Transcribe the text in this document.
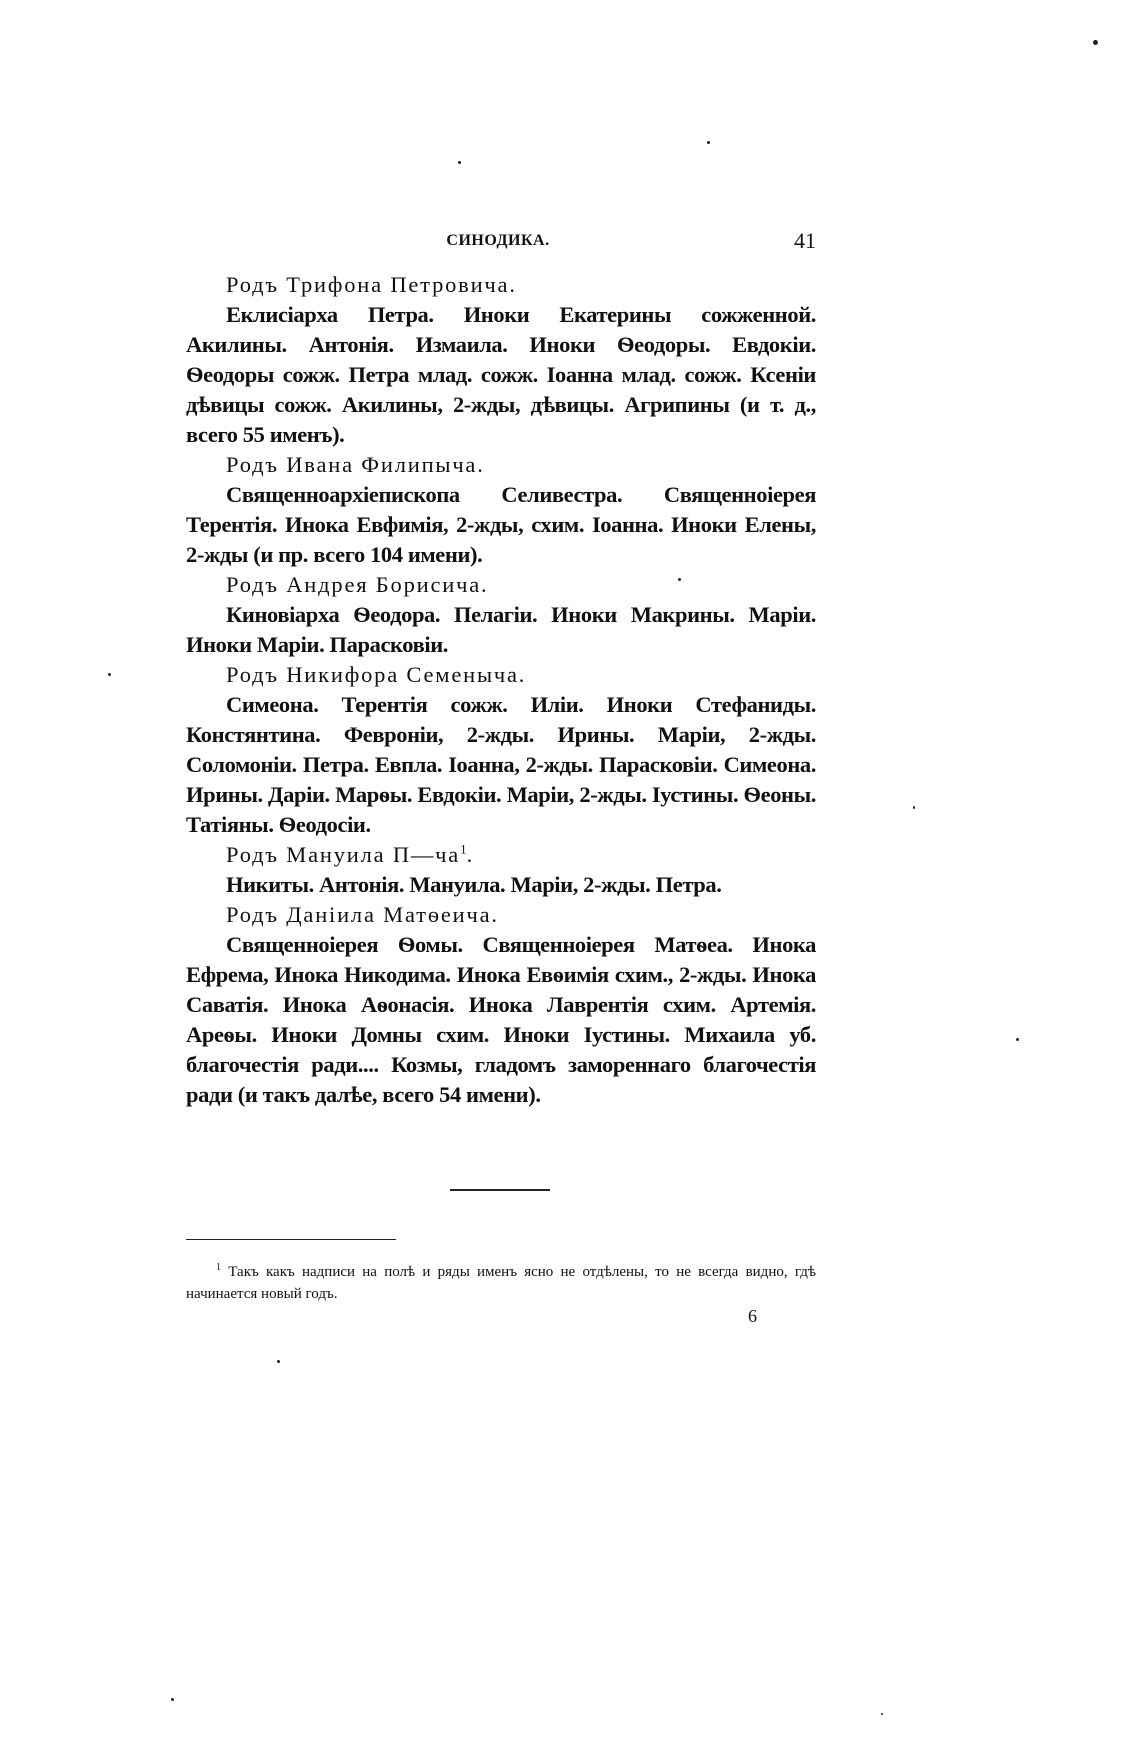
СИНОДИКА.	41

Родъ Трифона Петровича.

Еклисіарха Петра. Иноки Екатерины сожженной. Акилины. Антонія. Измаила. Иноки Ѳеодоры. Евдокіи. Ѳеодоры сожж. Петра млад. сожж. Іоанна млад. сожж. Ксеніи дѣвицы сожж. Акилины, 2-жды, дѣвицы. Агрипины (и т. д., всего 55 именъ).

Родъ Ивана Филипыча.

Священноархіепископа Селивестра. Священноіерея Терентія. Инока Евфимія, 2-жды, схим. Іоанна. Иноки Елены, 2-жды (и пр. всего 104 имени).

Родъ Андрея Борисича.

Киновіарха Ѳеодора. Пелагіи. Иноки Макрины. Маріи. Иноки Маріи. Парасковіи.

Родъ Никифора Семеныча.

Симеона. Терентія сожж. Иліи. Иноки Стефаниды. Констянтина. Февроніи, 2-жды. Ирины. Маріи, 2-жды. Соломоніи. Петра. Евпла. Іоанна, 2-жды. Парасковіи. Симеона. Ирины. Даріи. Марѳы. Евдокіи. Маріи, 2-жды. Іустины. Ѳеоны. Татіяны. Ѳеодосіи.

Родъ Мануила П—ча$^1$.

Никиты. Антонія. Мануила. Маріи, 2-жды. Петра.

Родъ Даніила Матѳеича.

Священноіерея Ѳомы. Священноіерея Матѳеа. Инока Ефрема, Инока Никодима. Инока Евѳимія схим., 2-жды. Инока Саватія. Инока Аѳонасія. Инока Лаврентія схим. Артемія. Ареѳы. Иноки Домны схим. Иноки Іустины. Михаила уб. благочестія ради.... Козмы, гладомъ замореннаго благочестія ради (и такъ далѣе, всего 54 имени).

$^1$ Такъ какъ надписи на полѣ и ряды именъ ясно не отдѣлены, то не всегда видно, гдѣ начинается новый годъ.
6
